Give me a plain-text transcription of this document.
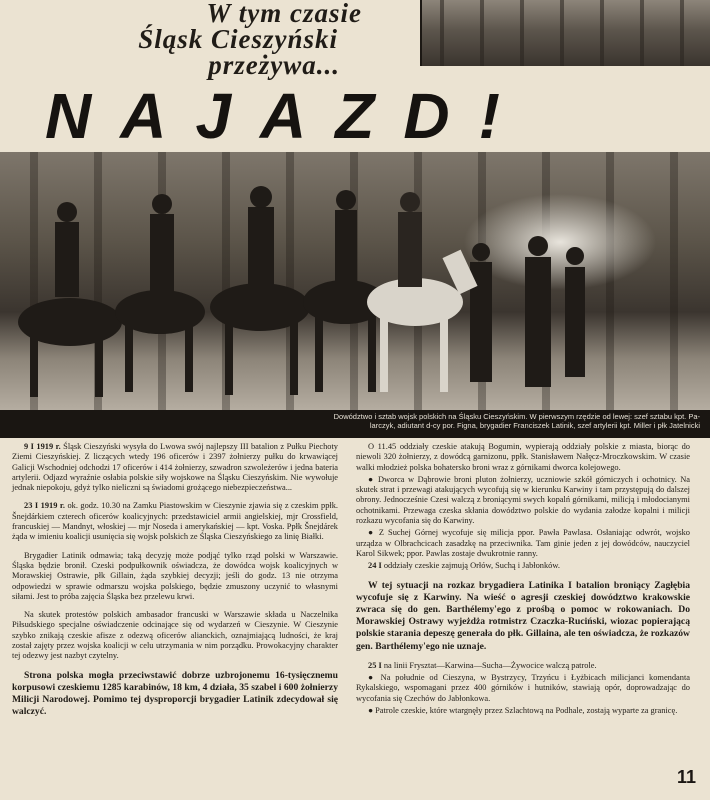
W tym czasie
Śląsk Cieszyński
przeżywa...
NAJAZD!
Dowództwo i sztab wojsk polskich na Śląsku Cieszyńskim. W pierwszym rzędzie od lewej: szef sztabu kpt. Pa-
larczyk, adiutant d-cy por. Figna, brygadier Franciszek Latinik, szef artylerii kpt. Miller i płk Jatelnicki

9 I 1919 r. Śląsk Cieszyński wysyła do Lwowa swój najlepszy III batalion z Pułku Piechoty Ziemi Cieszyńskiej. Z liczących wtedy 196 oficerów i 2397 żołnierzy pułku do krwawiącej Galicji Wschodniej odchodzi 17 oficerów i 414 żołnierzy, szwadron szwoleżerów i jedna bateria artylerii. Odjazd wyraźnie osłabia polskie siły wojskowe na Śląsku Cieszyńskim. Nie wywołuje jednak niepokoju, gdyż tylko nieliczni są świadomi grożącego niebezpieczeństwa...

23 I 1919 r. ok. godz. 10.30 na Zamku Piastowskim w Cieszynie zjawia się z czeskim ppłk. Šnejdárkiem czterech oficerów koalicyjnych: przedstawiciel armii angielskiej, mjr Crossfield, francuskiej — Mandnyt, włoskiej — mjr Noseda i amerykańskiej — kpt. Voska. Ppłk Šnejdárek żąda w imieniu koalicji usunięcia się wojsk polskich ze Śląska Cieszyńskiego za linię Białki.

Brygadier Latinik odmawia; taką decyzję może podjąć tylko rząd polski w Warszawie. Śląska będzie bronił. Czeski podpułkownik oświadcza, że dowódca wojsk koalicyjnych w Morawskiej Ostrawie, płk Gillain, żąda szybkiej decyzji; jeśli do godz. 13 nie otrzyma odpowiedzi w sprawie odmarszu wojska polskiego, będzie zmuszony uczynić to własnymi siłami. Jest to próba zajęcia Śląska bez przelewu krwi.

Na skutek protestów polskich ambasador francuski w Warszawie składa u Naczelnika Piłsudskiego specjalne oświadczenie odcinające się od wydarzeń w Cieszynie. W Cieszynie szybko znikają czeskie afisze z odezwą oficerów alianckich, oznajmiającą ludności, że kraj został zajęty przez wojska koalicji w celu utrzymania w nim porządku. Prowokacyjny charakter tej odezwy jest nazbyt czytelny.

Strona polska mogła przeciwstawić dobrze uzbrojonemu 16-tysięcznemu korpusowi czeskiemu 1285 karabinów, 18 km, 4 działa, 35 szabel i 600 żołnierzy Milicji Narodowej. Pomimo tej dysproporcji brygadier Latinik zdecydował się walczyć.

O 11.45 oddziały czeskie atakują Bogumin, wypierają oddziały polskie z miasta, biorąc do niewoli 320 żołnierzy, z dowódcą garnizonu, ppłk. Stanisławem Nałęcz-Mroczkowskim. W czasie walki młodzież polska bohatersko broni wraz z górnikami dworca kolejowego.

● Dworca w Dąbrowie broni pluton żołnierzy, uczniowie szkół górniczych i ochotnicy. Na skutek strat i przewagi atakujących wycofują się w kierunku Karwiny i tam przystępują do dalszej obrony. Jednocześnie Czesi walczą z broniącymi swych kopalń górnikami, milicją i młodocianymi ochotnikami. Przewaga czeska skłania dowództwo polskie do wydania załodze kopalni i milicji rozkazu wycofania się do Karwiny.

● Z Suchej Górnej wycofuje się milicja ppor. Pawła Pawlasa. Osłaniając odwrót, wojsko urządza w Olbrachcicach zasadzkę na przeciwnika. Tam ginie jeden z jej dowódców, nauczyciel Karol Sikwek; ppor. Pawlas zostaje dwukrotnie ranny.

24 I oddziały czeskie zajmują Orłów, Suchą i Jabłonków.

W tej sytuacji na rozkaz brygadiera Latinika I batalion broniący Zagłębia wycofuje się z Karwiny. Na wieść o agresji czeskiej dowództwo krakowskie zwraca się do gen. Barthélemy'ego z prośbą o pomoc w rokowaniach. Do Morawskiej Ostrawy wyjeżdża rotmistrz Czaczka-Ruciński, wiozac popierającą polskie starania depeszę generała do płk. Gillaina, ale ten oświadcza, że rozkazów gen. Barthélemy'ego nie uznaje.

25 I na linii Frysztat—Karwina—Sucha—Żywocice walczą patrole.

● Na południe od Cieszyna, w Bystrzycy, Trzyńcu i Łyżbicach milicjanci komendanta Rykalskiego, wspomagani przez 400 górników i hutników, stawiają opór, doprowadzając do wycofania się Czechów do Jabłonkowa.

● Patrole czeskie, które wtargnęły przez Szlachtową na Podhale, zostają wyparte za granicę.

11
